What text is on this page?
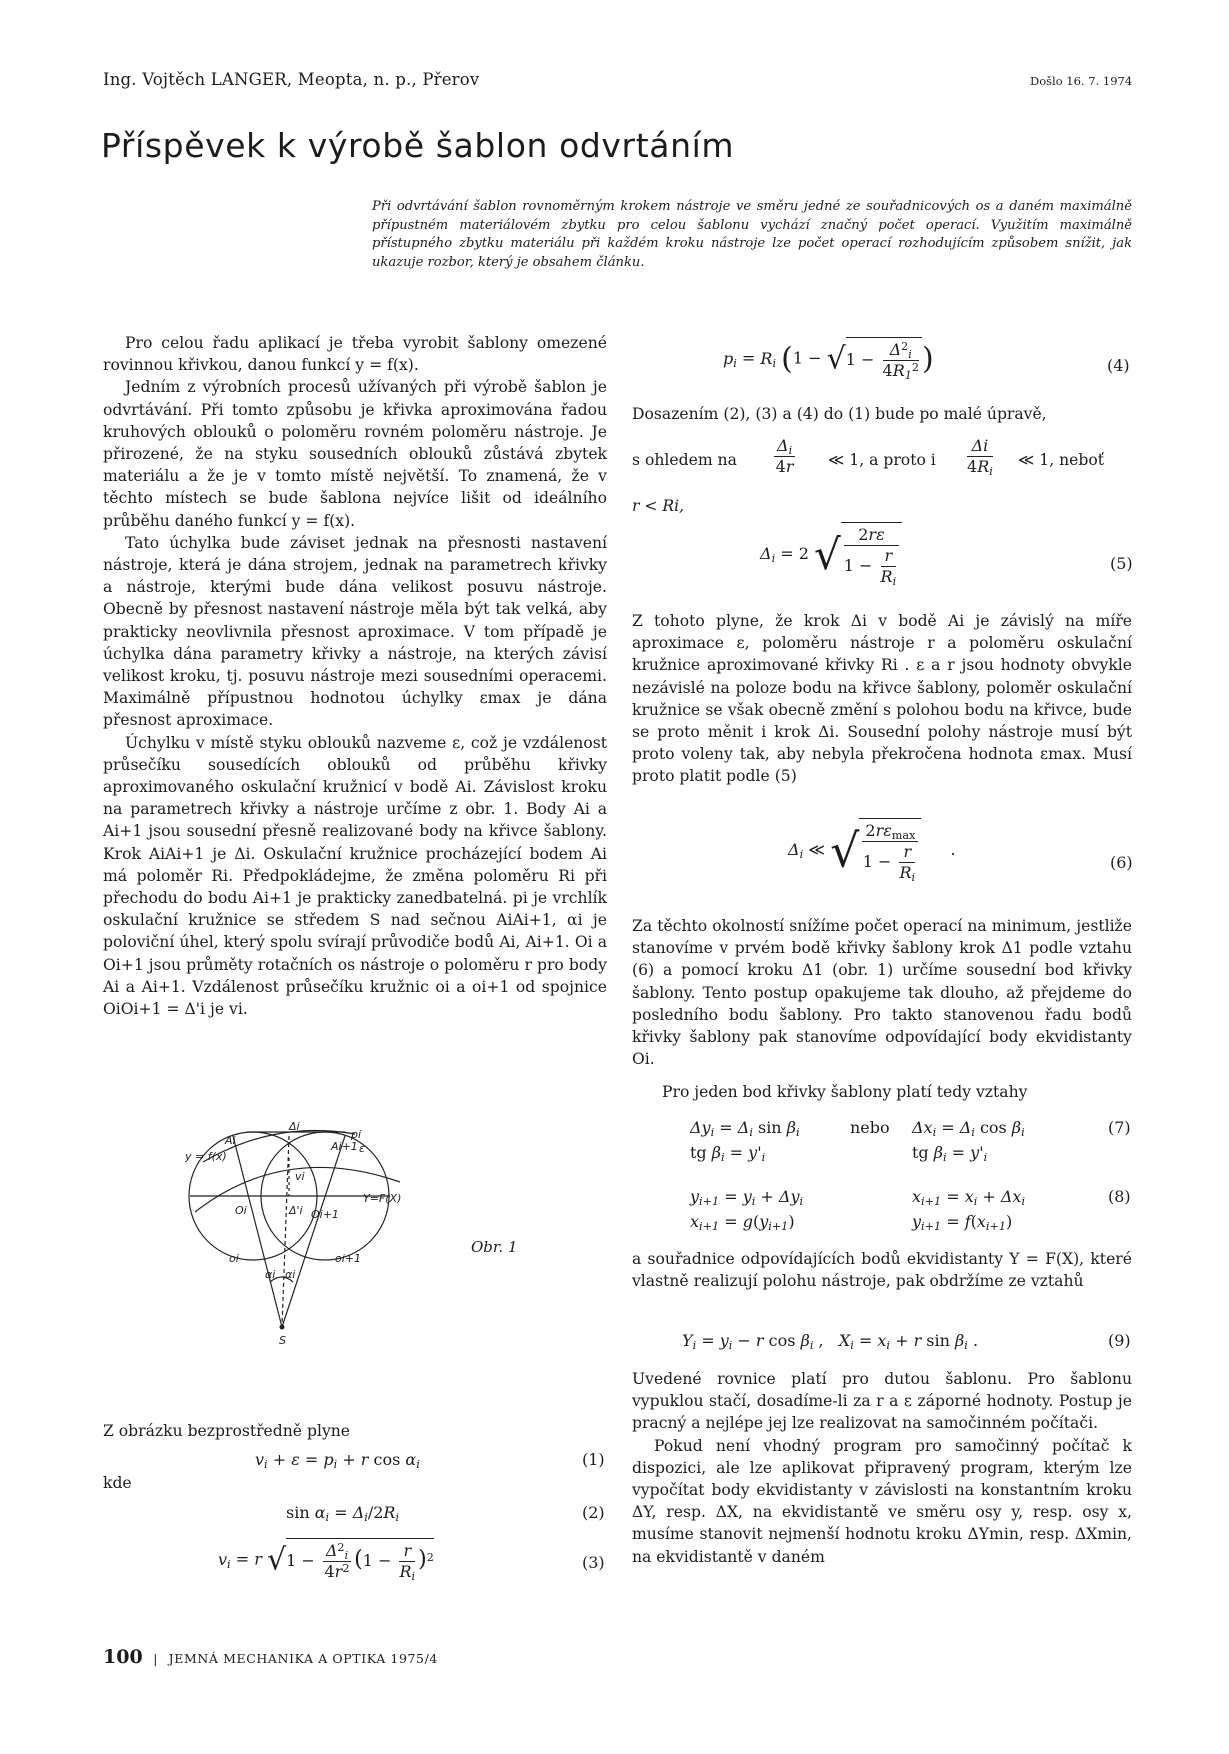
Ing. Vojtěch LANGER, Meopta, n. p., Přerov	Došlo 16. 7. 1974
Příspěvek k výrobě šablon odvrtáním
Při odvrtávání šablon rovnoměrným krokem nástroje ve směru jedné ze souřadnicových os a daném maximálně přípustném materiálovém zbytku pro celou šablonu vychází značný počet operací. Využitím maximálně přístupného zbytku materiálu při každém kroku nástroje lze počet operací rozhodujícím způsobem snížit, jak ukazuje rozbor, který je obsahem článku.

Pro celou řadu aplikací je třeba vyrobit šablony omezené rovinnou křivkou, danou funkcí y = f(x).

Jedním z výrobních procesů užívaných při výrobě šablon je odvrtávání. Při tomto způsobu je křivka aproximována řadou kruhových oblouků o poloměru rovném poloměru nástroje. Je přirozené, že na styku sousedních oblouků zůstává zbytek materiálu a že je v tomto místě největší. To znamená, že v těchto místech se bude šablona nejvíce lišit od ideálního průběhu daného funkcí y = f(x).

Tato úchylka bude záviset jednak na přesnosti nastavení nástroje, která je dána strojem, jednak na parametrech křivky a nástroje, kterými bude dána velikost posuvu nástroje. Obecně by přesnost nastavení nástroje měla být tak velká, aby prakticky neovlivnila přesnost aproximace. V tom případě je úchylka dána parametry křivky a nástroje, na kterých závisí velikost kroku, tj. posuvu nástroje mezi sousedními operacemi. Maximálně přípustnou hodnotou úchylky εmax je dána přesnost aproximace.

Úchylku v místě styku oblouků nazveme ε, což je vzdálenost průsečíku sousedících oblouků od průběhu křivky aproximovaného oskulační kružnicí v bodě Ai. Závislost kroku na parametrech křivky a nástroje určíme z obr. 1. Body Ai a Ai+1 jsou sousední přesně realizované body na křivce šablony. Krok AiAi+1 je Δi. Oskulační kružnice procházející bodem Ai má poloměr Ri. Předpokládejme, že změna poloměru Ri při přechodu do bodu Ai+1 je prakticky zanedbatelná. pi je vrchlík oskulační kružnice se středem S nad sečnou AiAi+1, αi je poloviční úhel, který spolu svírají průvodiče bodů Ai, Ai+1. Oi a Oi+1 jsou průměty rotačních os nástroje o poloměru r pro body Ai a Ai+1. Vzdálenost průsečíku kružnic oi a oi+1 od spojnice OiOi+1 = Δ'i je vi.

Δi
Ai	Ai+1
y = f(x)
Y=F(X)
Oi	Oi+1
Δ'i
oi	oi+1
αi αi
S
vi
pi
ε
Obr. 1
Z obrázku bezprostředně plyne
$v_i + \varepsilon = p_i + r$ $\cos \alpha_i$	(1)
kde
$\sin \alpha_i = \Delta_i/2R_i$	(2)
$v_i = r$ $√1 - \frac{\Delta^2_i}{4r^2} (1 - \frac{r}{R_i} )^2$	(3)
$p_i = R_i$ ($1 - √1 - \frac{\Delta^2_i}{4R_1^2}$ )	(4)
Dosazením (2), (3) a (4) do (1) bude po malé úpravě,
s ohledem na $\frac{\Delta_i}{4r}$ ≪ 1, a proto i $\frac{\Delta i}{4R_i}$ ≪ 1, neboť
r < Ri,
$\Delta_i = 2$ √ $\frac{2r\varepsilon}{1 - \frac{r}{R_i}}$	(5)

Z tohoto plyne, že krok Δi v bodě Ai je závislý na míře aproximace ε, poloměru nástroje r a poloměru oskulační kružnice aproximované křivky Ri . ε a r jsou hodnoty obvykle nezávislé na poloze bodu na křivce šablony, poloměr oskulační kružnice se však obecně změní s polohou bodu na křivce, bude se proto měnit i krok Δi. Sousední polohy nástroje musí být proto voleny tak, aby nebyla překročena hodnota εmax. Musí proto platit podle (5)

$\Delta_i$ ≪ √ $\frac{2r\varepsilon_{max}}{1 - \frac{r}{R_i}}$ .
(6)

Za těchto okolností snížíme počet operací na minimum, jestliže stanovíme v prvém bodě křivky šablony krok Δ1 podle vztahu (6) a pomocí kroku Δ1 (obr. 1) určíme sousední bod křivky šablony. Tento postup opakujeme tak dlouho, až přejdeme do posledního bodu šablony. Pro takto stanovenou řadu bodů křivky šablony pak stanovíme odpovídající body ekvidistanty Oi.

Pro jeden bod křivky šablony platí tedy vztahy
$\Delta y_i = \Delta_i$ $\sin \beta_i$	nebo $\Delta x_i = \Delta_i$ $\cos \beta_i$	(7)
tg $\beta_i = y'_i$	tg $\beta_i = y'_i$
$y_{i+1} = y_i + \Delta y_i$	$x_{i+1} = x_i + \Delta x_i$	(8)
$x_{i+1} = g(y_{i+1})$	$y_{i+1} = f(x_{i+1})$

a souřadnice odpovídajících bodů ekvidistanty Y = F(X), které vlastně realizují polohu nástroje, pak obdržíme ze vztahů

$Y_i = y_i - r$ $\cos \beta_i$ ,   $X_i = x_i + r$ $\sin \beta_i$ .	(9)

Uvedené rovnice platí pro dutou šablonu. Pro šablonu vypuklou stačí, dosadíme-li za r a ε záporné hodnoty. Postup je pracný a nejlépe jej lze realizovat na samočinném počítači.

Pokud není vhodný program pro samočinný počítač k dispozici, ale lze aplikovat připravený program, kterým lze vypočítat body ekvidistanty v závislosti na konstantním kroku ΔY, resp. ΔX, na ekvidistantě ve směru osy y, resp. osy x, musíme stanovit nejmenší hodnotu kroku ΔYmin, resp. ΔXmin, na ekvidistantě v daném

100 | JEMNÁ MECHANIKA A OPTIKA 1975/4
